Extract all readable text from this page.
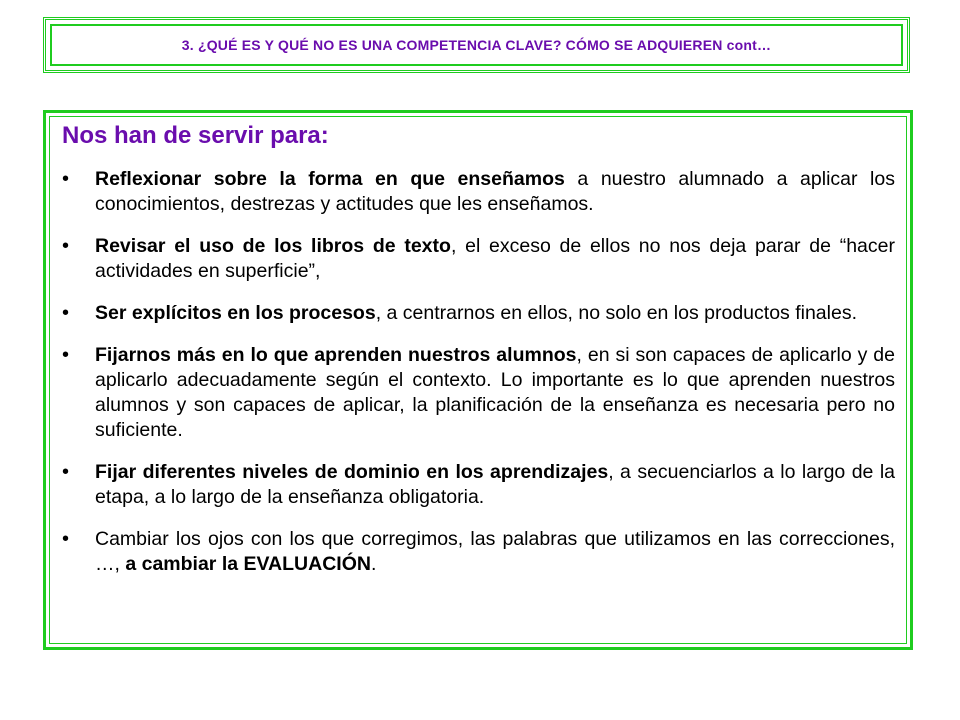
3. ¿QUÉ ES Y QUÉ NO ES UNA COMPETENCIA CLAVE? CÓMO SE ADQUIEREN cont…
Nos han de servir para:
• Reflexionar sobre la forma en que enseñamos a nuestro alumnado a aplicar los conocimientos, destrezas y actitudes que les enseñamos.
• Revisar el uso de los libros de texto, el exceso de ellos no nos deja parar de “hacer actividades en superficie”,
• Ser explícitos en los procesos, a centrarnos en ellos, no solo en los productos finales.
• Fijarnos más en lo que aprenden nuestros alumnos, en si son capaces de aplicarlo y de aplicarlo adecuadamente según el contexto. Lo importante es lo que aprenden nuestros alumnos y son capaces de aplicar, la planificación de la enseñanza es necesaria pero no suficiente.
• Fijar diferentes niveles de dominio en los aprendizajes, a secuenciarlos a lo largo de la etapa, a lo largo de la enseñanza obligatoria.
• Cambiar los ojos con los que corregimos, las palabras que utilizamos en las correcciones, …, a cambiar la EVALUACIÓN.
